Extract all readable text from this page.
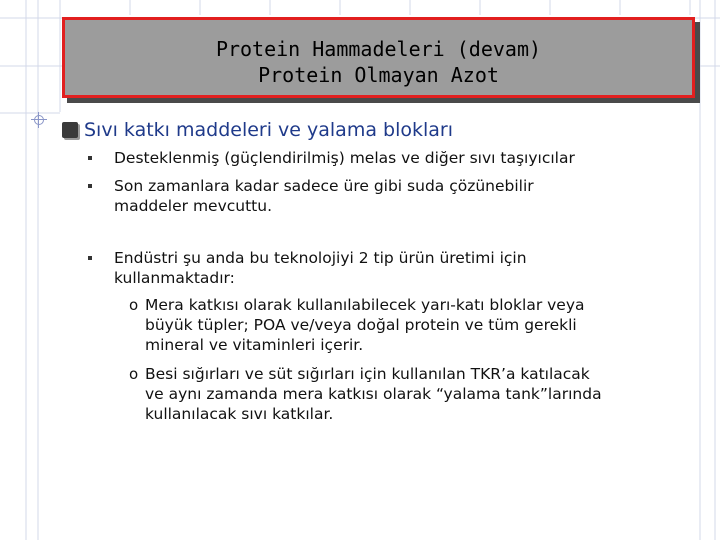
Protein Hammadeleri (devam)
Protein Olmayan Azot
Sıvı katkı maddeleri ve yalama blokları
Desteklenmiş (güçlendirilmiş) melas ve diğer sıvı taşıyıcılar
Son zamanlara kadar sadece üre gibi suda çözünebilir
maddeler mevcuttu.
Endüstri şu anda bu teknolojiyi 2 tip ürün üretimi için
kullanmaktadır:
o Mera katkısı olarak kullanılabilecek yarı-katı bloklar veya
büyük tüpler; POA ve/veya doğal protein ve tüm gerekli
mineral ve vitaminleri içerir.
o Besi sığırları ve süt sığırları için kullanılan TKR’a katılacak
ve aynı zamanda mera katkısı olarak “yalama tank”larında
kullanılacak sıvı katkılar.
